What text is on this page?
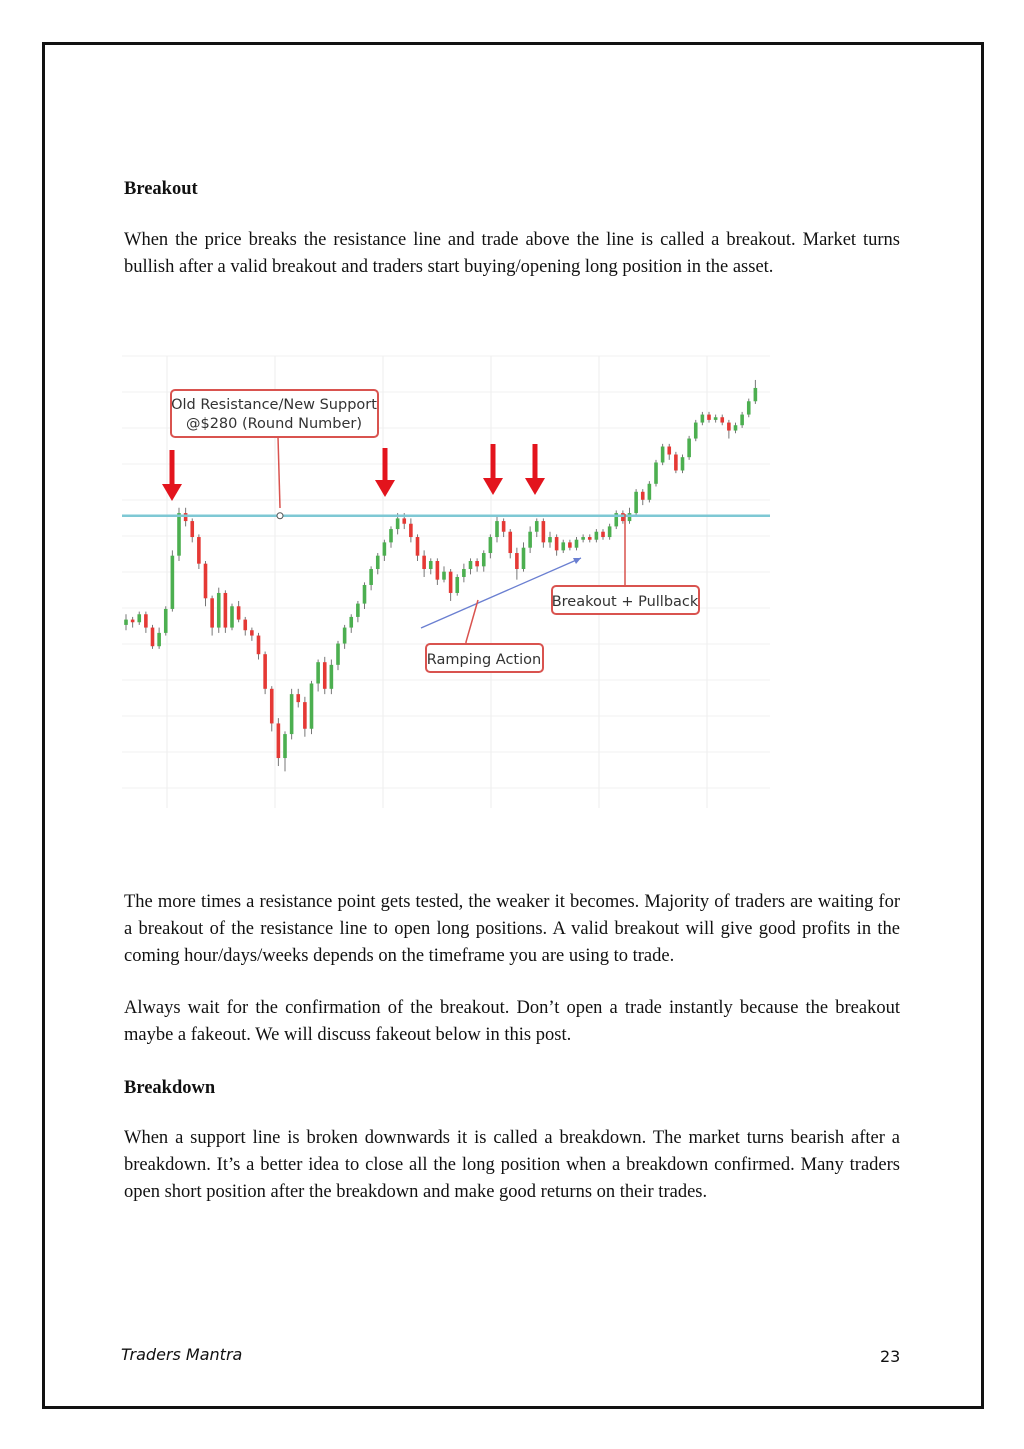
Breakout
When the price breaks the resistance line and trade above the line is called a breakout. Market turns bullish after a valid breakout and traders start buying/opening long position in the asset.
Old Resistance/New Support
@$280 (Round Number)
Breakout + Pullback
Ramping Action
The more times a resistance point gets tested, the weaker it becomes. Majority of traders are waiting for a breakout of the resistance line to open long positions. A valid breakout will give good profits in the coming hour/days/weeks depends on the timeframe you are using to trade.
Always wait for the confirmation of the breakout. Don’t open a trade instantly because the breakout maybe a fakeout. We will discuss fakeout below in this post.
Breakdown
When a support line is broken downwards it is called a breakdown. The market turns bearish after a breakdown. It’s a better idea to close all the long position when a breakdown confirmed. Many traders open short position after the breakdown and make good returns on their trades.
Traders Mantra	23
